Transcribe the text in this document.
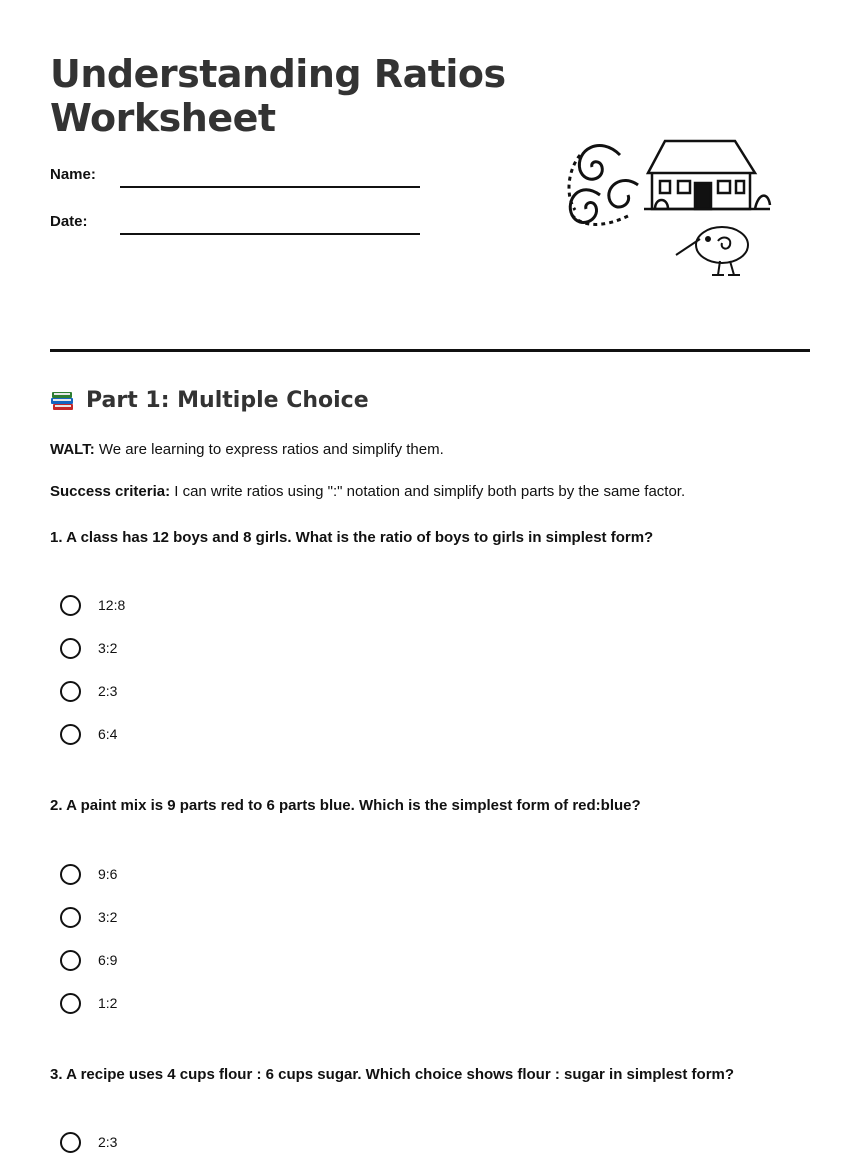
Understanding Ratios
Worksheet
Name:
Date:
Part 1: Multiple Choice

WALT: We are learning to express ratios and simplify them.

Success criteria: I can write ratios using ":" notation and simplify both parts by the same factor.

1. A class has 12 boys and 8 girls. What is the ratio of boys to girls in simplest form?

12:8
3:2
2:3
6:4

2. A paint mix is 9 parts red to 6 parts blue. Which is the simplest form of red:blue?

9:6
3:2
6:9
1:2

3. A recipe uses 4 cups flour : 6 cups sugar. Which choice shows flour : sugar in simplest form?

2:3
